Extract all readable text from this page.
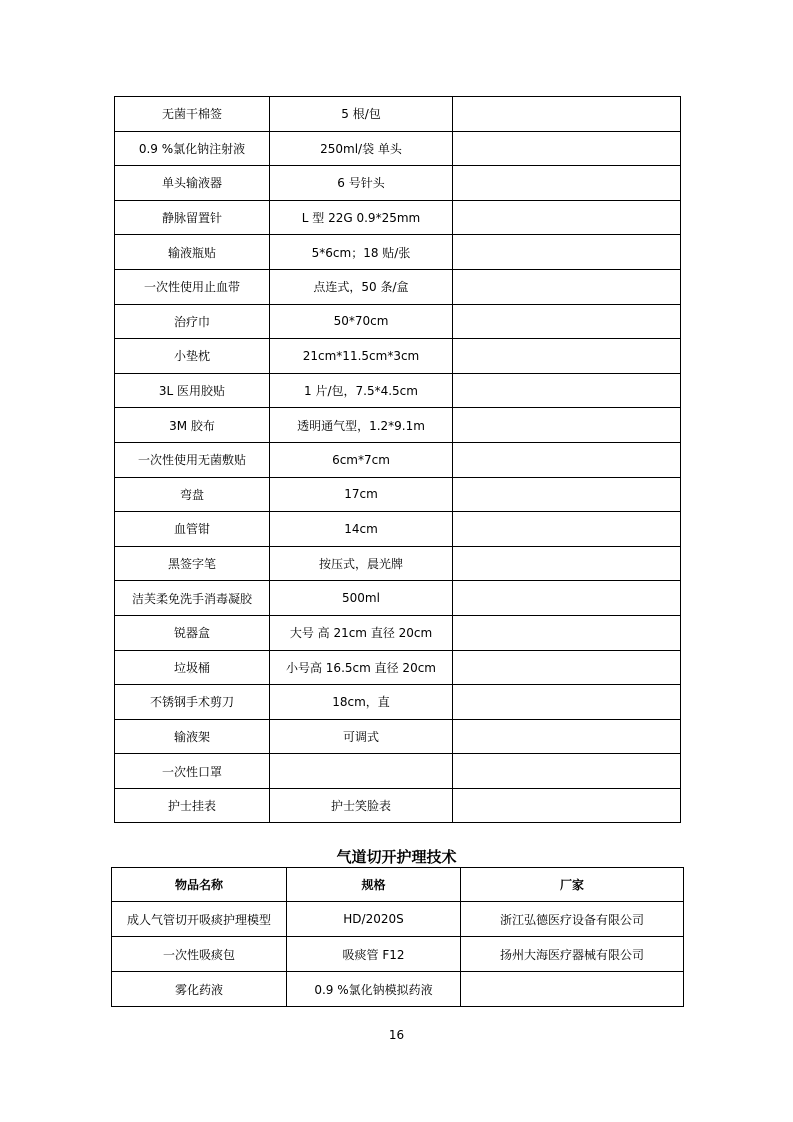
无菌干棉签	5 根/包	
0.9 %氯化钠注射液	250ml/袋 单头	
单头输液器	6 号针头	
静脉留置针	L 型 22G 0.9*25mm	
输液瓶贴	5*6cm；18 贴/张	
一次性使用止血带	点连式，50 条/盒	
治疗巾	50*70cm	
小垫枕	21cm*11.5cm*3cm	
3L 医用胶贴	1 片/包，7.5*4.5cm	
3M 胶布	透明通气型，1.2*9.1m	
一次性使用无菌敷贴	6cm*7cm	
弯盘	17cm	
血管钳	14cm	
黑签字笔	按压式，晨光牌	
洁芙柔免洗手消毒凝胶	500ml	
锐器盒	大号 高 21cm 直径 20cm	
垃圾桶	小号高 16.5cm 直径 20cm	
不锈钢手术剪刀	18cm，直	
输液架	可调式	
一次性口罩		
护士挂表	护士笑脸表	
气道切开护理技术
物品名称	规格	厂家
成人气管切开吸痰护理模型	HD/2020S	浙江弘德医疗设备有限公司
一次性吸痰包	吸痰管 F12	扬州大海医疗器械有限公司
雾化药液	0.9 %氯化钠模拟药液	
16
